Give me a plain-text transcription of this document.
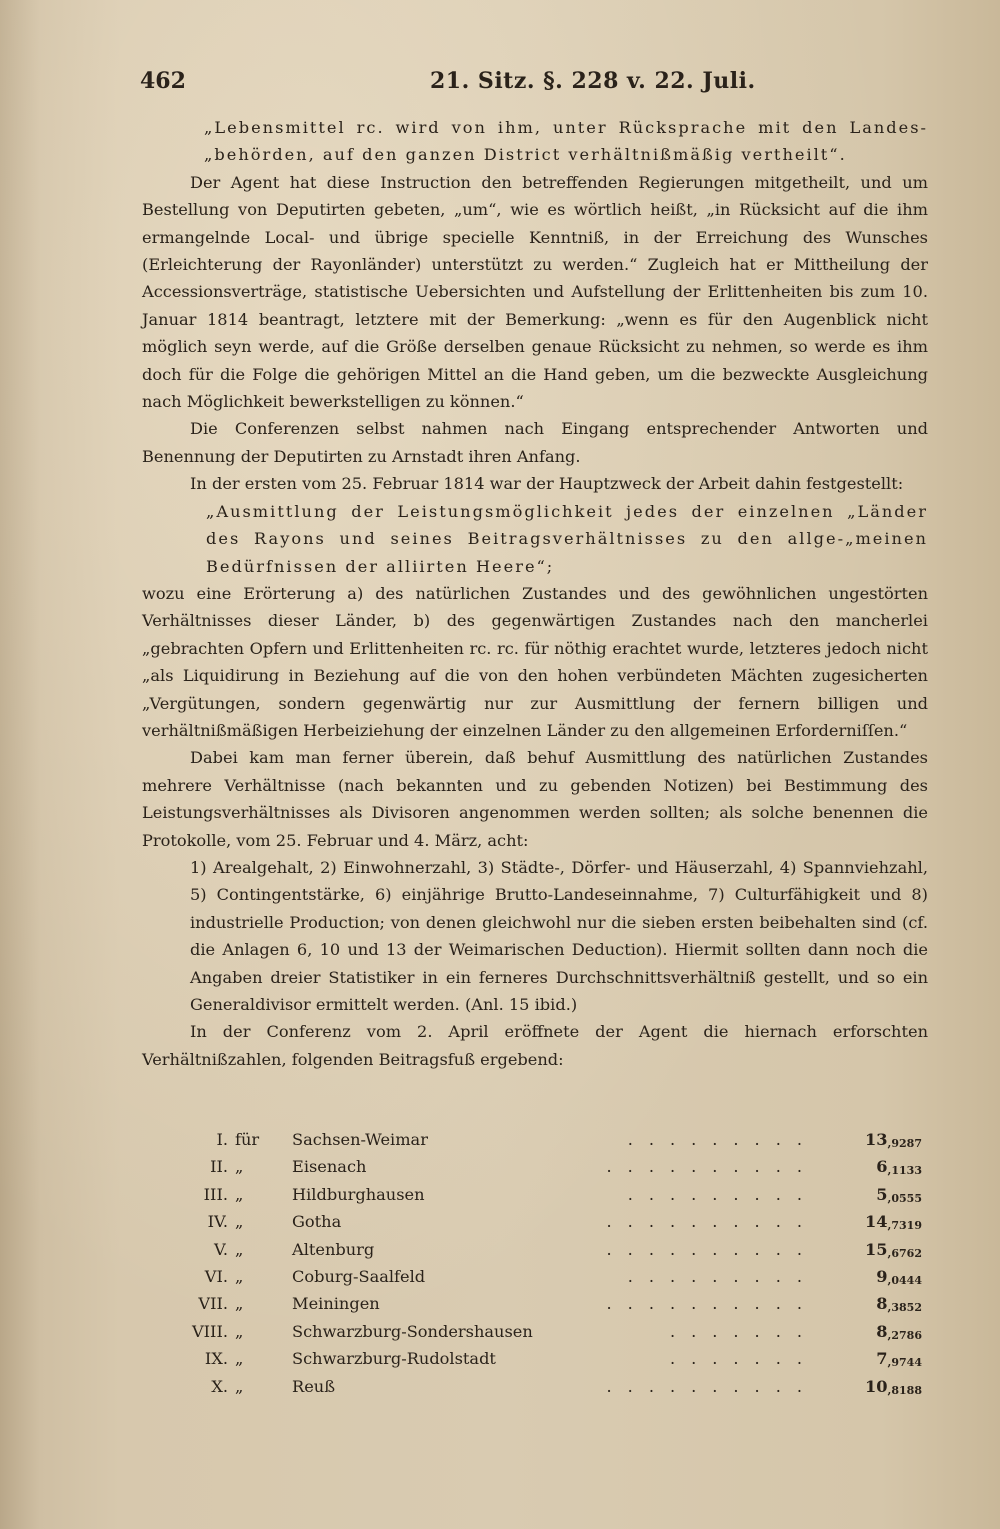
462	21. Sitz. §. 228 v. 22. Juli.

„Lebensmittel rc. wird von ihm, unter Rücksprache mit den Landes-„behörden, auf den ganzen District verhältnißmäßig vertheilt“.

Der Agent hat diese Instruction den betreffenden Regierungen mitgetheilt, und um Bestellung von Deputirten gebeten, „um“, wie es wörtlich heißt, „in Rücksicht auf die ihm ermangelnde Local- und übrige specielle Kenntniß, in der Erreichung des Wunsches (Erleichterung der Rayonländer) unterstützt zu werden.“ Zugleich hat er Mittheilung der Accessionsverträge, statistische Uebersichten und Aufstellung der Erlittenheiten bis zum 10. Januar 1814 beantragt, letztere mit der Bemerkung: „wenn es für den Augenblick nicht möglich seyn werde, auf die Größe derselben genaue Rücksicht zu nehmen, so werde es ihm doch für die Folge die gehörigen Mittel an die Hand geben, um die bezweckte Ausgleichung nach Möglichkeit bewerkstelligen zu können.“

Die Conferenzen selbst nahmen nach Eingang entsprechender Antworten und Benennung der Deputirten zu Arnstadt ihren Anfang.

In der ersten vom 25. Februar 1814 war der Hauptzweck der Arbeit dahin festgestellt:

„Ausmittlung der Leistungsmöglichkeit jedes der einzelnen „Länder des Rayons und seines Beitragsverhältnisses zu den allge-„meinen Bedürfnissen der alliirten Heere“;

wozu eine Erörterung a) des natürlichen Zustandes und des gewöhnlichen ungestörten Verhältnisses dieser Länder, b) des gegenwärtigen Zustandes nach den mancherlei „gebrachten Opfern und Erlittenheiten rc. rc. für nöthig erachtet wurde, letzteres jedoch nicht „als Liquidirung in Beziehung auf die von den hohen verbündeten Mächten zugesicherten „Vergütungen, sondern gegenwärtig nur zur Ausmittlung der fernern billigen und verhältnißmäßigen Herbeiziehung der einzelnen Länder zu den allgemeinen Erforderniſſen.“

Dabei kam man ferner überein, daß behuf Ausmittlung des natürlichen Zustandes mehrere Verhältnisse (nach bekannten und zu gebenden Notizen) bei Bestimmung des Leistungsverhältnisses als Divisoren angenommen werden sollten; als solche benennen die Protokolle, vom 25. Februar und 4. März, acht:

1) Arealgehalt, 2) Einwohnerzahl, 3) Städte-, Dörfer- und Häuserzahl, 4) Spannviehzahl, 5) Contingentstärke, 6) einjährige Brutto-Landeseinnahme, 7) Culturfähigkeit und 8) industrielle Production; von denen gleichwohl nur die sieben ersten beibehalten sind (cf. die Anlagen 6, 10 und 13 der Weimarischen Deduction). Hiermit sollten dann noch die Angaben dreier Statistiker in ein ferneres Durchschnittsverhältniß gestellt, und so ein Generaldivisor ermittelt werden. (Anl. 15 ibid.)

In der Conferenz vom 2. April eröffnete der Agent die hiernach erforschten Verhältnißzahlen, folgenden Beitragsfuß ergebend:

I. für Sachsen-Weimar	.........	$13_{,9287}$
II. „	Eisenach	..........	$6_{,1133}$
III. „	Hildburghausen	.........	$5_{,0555}$
IV. „	Gotha	..........	$14_{,7319}$
V. „	Altenburg	..........	$15_{,6762}$
VI. „	Coburg-Saalfeld	.........	$9_{,0444}$
VII. „	Meiningen	..........	$8_{,3852}$
VIII. „	Schwarzburg-Sondershausen	.......	$8_{,2786}$
IX. „	Schwarzburg-Rudolstadt	.......	$7_{,9744}$
X. „	Reuß	..........	$10_{,8188}$
